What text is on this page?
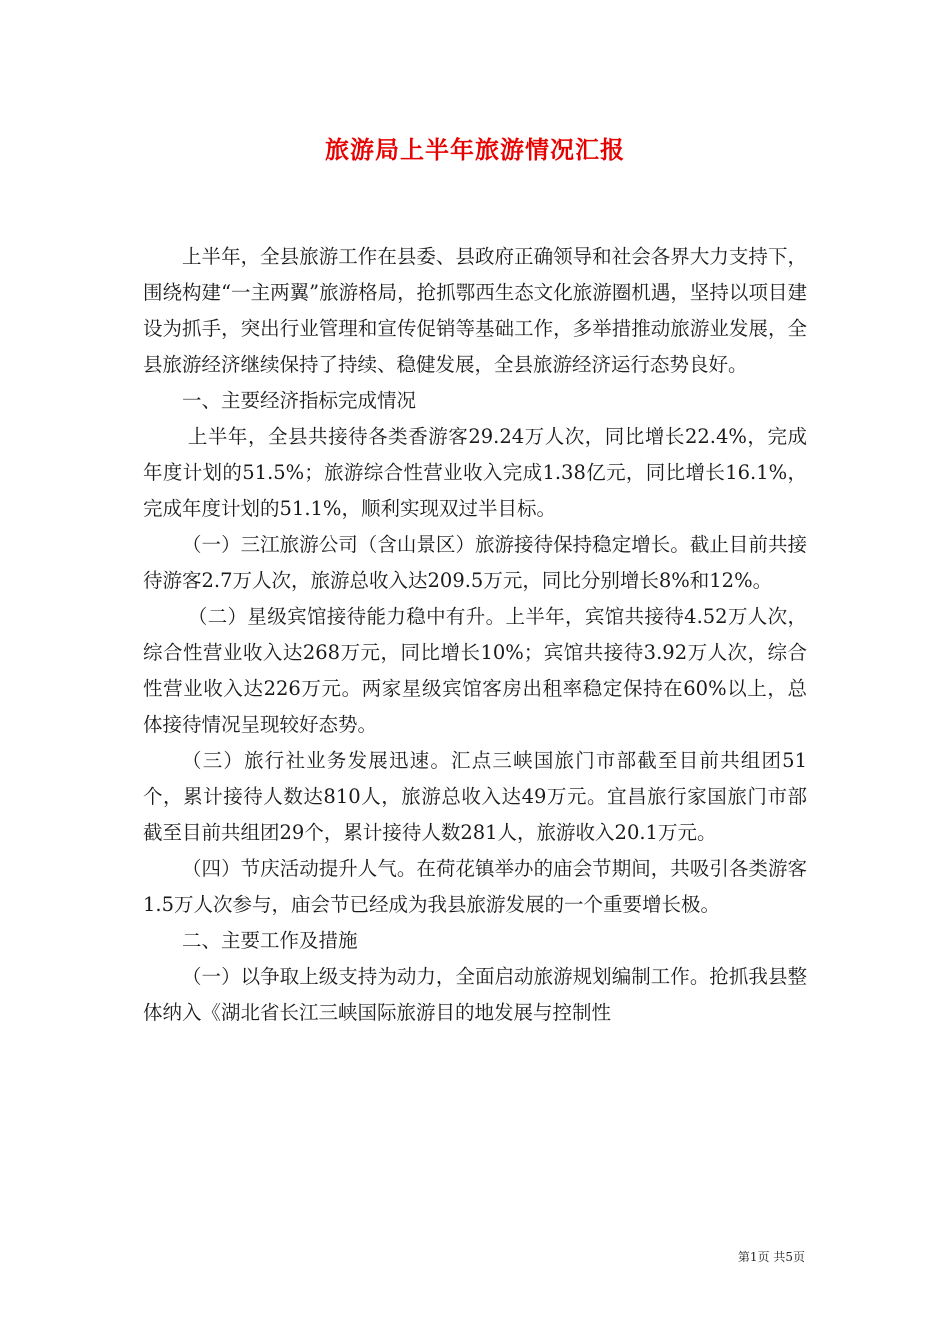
旅游局上半年旅游情况汇报

上半年，全县旅游工作在县委、县政府正确领导和社会各界大力支持下，围绕构建“一主两翼”旅游格局，抢抓鄂西生态文化旅游圈机遇，坚持以项目建设为抓手，突出行业管理和宣传促销等基础工作，多举措推动旅游业发展，全县旅游经济继续保持了持续、稳健发展，全县旅游经济运行态势良好。

一、主要经济指标完成情况

上半年，全县共接待各类香游客29.24万人次，同比增长22.4%，完成年度计划的51.5%；旅游综合性营业收入完成1.38亿元，同比增长16.1%，完成年度计划的51.1%，顺利实现双过半目标。

（一）三江旅游公司（含山景区）旅游接待保持稳定增长。截止目前共接待游客2.7万人次，旅游总收入达209.5万元，同比分别增长8%和12%。

（二）星级宾馆接待能力稳中有升。上半年，宾馆共接待4.52万人次，综合性营业收入达268万元，同比增长10%；宾馆共接待3.92万人次，综合性营业收入达226万元。两家星级宾馆客房出租率稳定保持在60%以上，总体接待情况呈现较好态势。

（三）旅行社业务发展迅速。汇点三峡国旅门市部截至目前共组团51个，累计接待人数达810人，旅游总收入达49万元。宜昌旅行家国旅门市部截至目前共组团29个，累计接待人数281人，旅游收入20.1万元。

（四）节庆活动提升人气。在荷花镇举办的庙会节期间，共吸引各类游客1.5万人次参与，庙会节已经成为我县旅游发展的一个重要增长极。

二、主要工作及措施

（一）以争取上级支持为动力，全面启动旅游规划编制工作。抢抓我县整体纳入《湖北省长江三峡国际旅游目的地发展与控制性

第1页 共5页
